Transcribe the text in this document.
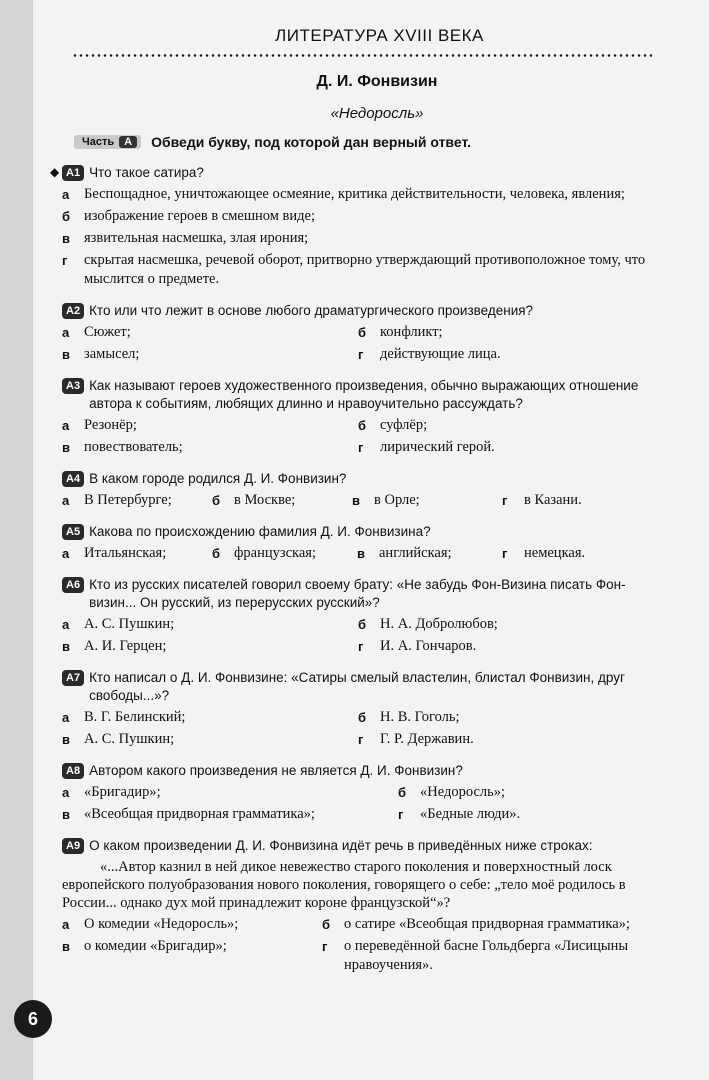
ЛИТЕРАТУРА XVIII ВЕКА
Д. И. Фонвизин
«Недоросль»
Часть А	Обведи букву, под которой дан верный ответ.
◆ А1 Что такое сатира?
а	Беспощадное, уничтожающее осмеяние, критика действительности, человека, явления;
б изображение героев в смешном виде;
в язвительная насмешка, злая ирония;
г	скрытая насмешка, речевой оборот, притворно утверждающий противоположное тому, что мыслится о предмете.
А2 Кто или что лежит в основе любого драматургического произведения?
а	Сюжет;	б конфликт;
в замысел;	г	действующие лица.
А3 Как называют героев художественного произведения, обычно выражающих отношение автора к событиям, любящих длинно и нравоучительно рассуждать?
а	Резонёр;	б суфлёр;
в повествователь;	г	лирический герой.
А4 В каком городе родился Д. И. Фонвизин?
а	В Петербурге;	б в Москве;	в в Орле;	г	в Казани.
А5 Какова по происхождению фамилия Д. И. Фонвизина?
а	Итальянская;	б французская;	в английская;	г	немецкая.
А6 Кто из русских писателей говорил своему брату: «Не забудь Фон-Визина писать Фонвизин... Он русский, из перерусских русский»?
а	А. С. Пушкин;	б Н. А. Добролюбов;
в А. И. Герцен;	г	И. А. Гончаров.
А7 Кто написал о Д. И. Фонвизине: «Сатиры смелый властелин, блистал Фонвизин, друг свободы...»?
а	В. Г. Белинский;	б Н. В. Гоголь;
в А. С. Пушкин;	г	Г. Р. Державин.
А8 Автором какого произведения не является Д. И. Фонвизин?
а	«Бригадир»;	б «Недоросль»;
в «Всеобщая придворная грамматика»;	г	«Бедные люди».
А9 О каком произведении Д. И. Фонвизина идёт речь в приведённых ниже строках:
«...Автор казнил в ней дикое невежество старого поколения и поверхностный лоск европейского полуобразования нового поколения, говорящего о себе: „тело моё родилось в России... однако дух мой принадлежит короне французской“»?
а	О комедии «Недоросль»;	б о сатире «Всеобщая придворная грамматика»;
в о комедии «Бригадир»;	г	о переведённой басне Гольдберга «Лисицыны нравоучения».
6
